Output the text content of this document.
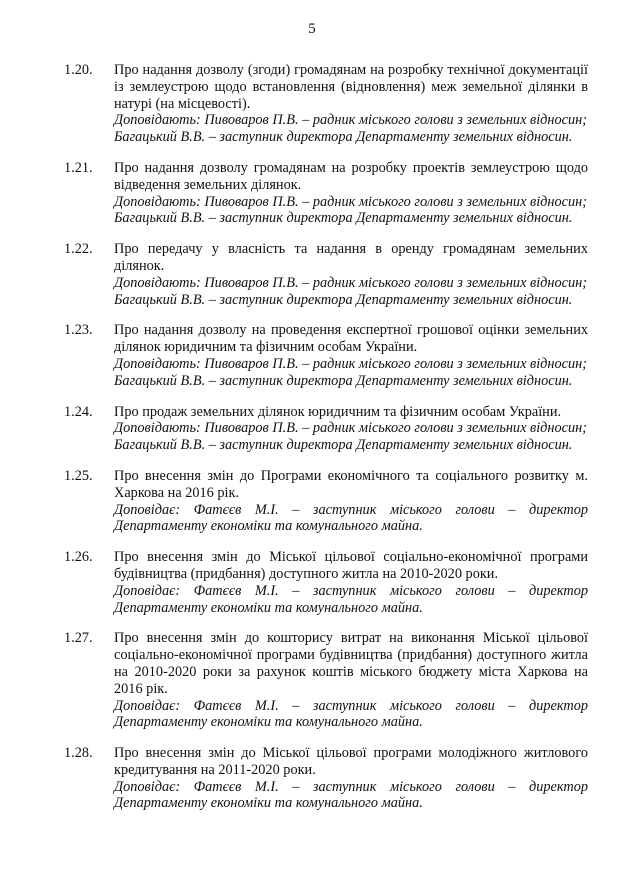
5
1.20.	Про надання дозволу (згоди) громадянам на розробку технічної документації із землеустрою щодо встановлення (відновлення) меж земельної ділянки в натурі (на місцевості).
Доповідають: Пивоваров П.В. – радник міського голови з земельних відносин;
Багацький В.В. – заступник директора Департаменту земельних відносин.
1.21.	Про надання дозволу громадянам на розробку проектів землеустрою щодо відведення земельних ділянок.
Доповідають: Пивоваров П.В. – радник міського голови з земельних відносин;
Багацький В.В. – заступник директора Департаменту земельних відносин.
1.22.	Про передачу у власність та надання в оренду громадянам земельних ділянок.
Доповідають: Пивоваров П.В. – радник міського голови з земельних відносин;
Багацький В.В. – заступник директора Департаменту земельних відносин.
1.23.	Про надання дозволу на проведення експертної грошової оцінки земельних ділянок юридичним та фізичним особам України.
Доповідають: Пивоваров П.В. – радник міського голови з земельних відносин;
Багацький В.В. – заступник директора Департаменту земельних відносин.
1.24.	Про продаж земельних ділянок юридичним та фізичним особам України.
Доповідають: Пивоваров П.В. – радник міського голови з земельних відносин;
Багацький В.В. – заступник директора Департаменту земельних відносин.
1.25.	Про внесення змін до Програми економічного та соціального розвитку м. Харкова на 2016 рік.
Доповідає: Фатєєв М.І. – заступник міського голови – директор Департаменту економіки та комунального майна.
1.26.	Про внесення змін до Міської цільової соціально-економічної програми будівництва (придбання) доступного житла на 2010-2020 роки.
Доповідає: Фатєєв М.І. – заступник міського голови – директор Департаменту економіки та комунального майна.
1.27.	Про внесення змін до кошторису витрат на виконання Міської цільової соціально-економічної програми будівництва (придбання) доступного житла на 2010-2020 роки за рахунок коштів міського бюджету міста Харкова на 2016 рік.
Доповідає: Фатєєв М.І. – заступник міського голови – директор Департаменту економіки та комунального майна.
1.28.	Про внесення змін до Міської цільової програми молодіжного житлового кредитування на 2011-2020 роки.
Доповідає: Фатєєв М.І. – заступник міського голови – директор Департаменту економіки та комунального майна.
